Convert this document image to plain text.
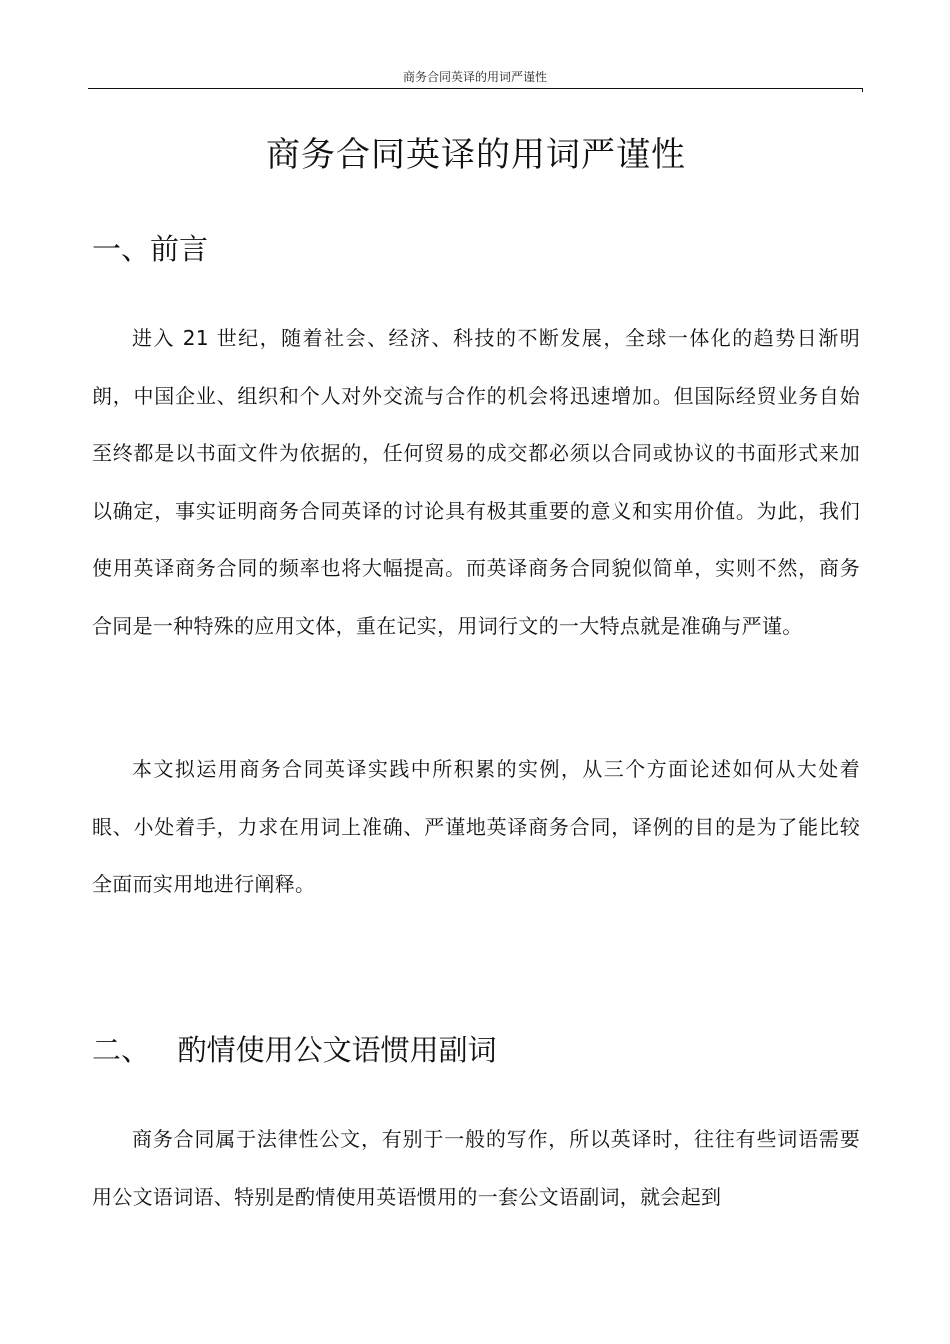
商务合同英译的用词严谨性
商务合同英译的用词严谨性
一、前言

进入 21 世纪，随着社会、经济、科技的不断发展，全球一体化的趋势日渐明朗，中国企业、组织和个人对外交流与合作的机会将迅速增加。但国际经贸业务自始至终都是以书面文件为依据的，任何贸易的成交都必须以合同或协议的书面形式来加以确定，事实证明商务合同英译的讨论具有极其重要的意义和实用价值。为此，我们使用英译商务合同的频率也将大幅提高。而英译商务合同貌似简单，实则不然，商务合同是一种特殊的应用文体，重在记实，用词行文的一大特点就是准确与严谨。

本文拟运用商务合同英译实践中所积累的实例，从三个方面论述如何从大处着眼、小处着手，力求在用词上准确、严谨地英译商务合同，译例的目的是为了能比较全面而实用地进行阐释。

二、   酌情使用公文语惯用副词

商务合同属于法律性公文，有别于一般的写作，所以英译时，往往有些词语需要用公文语词语、特别是酌情使用英语惯用的一套公文语副词，就会起到
